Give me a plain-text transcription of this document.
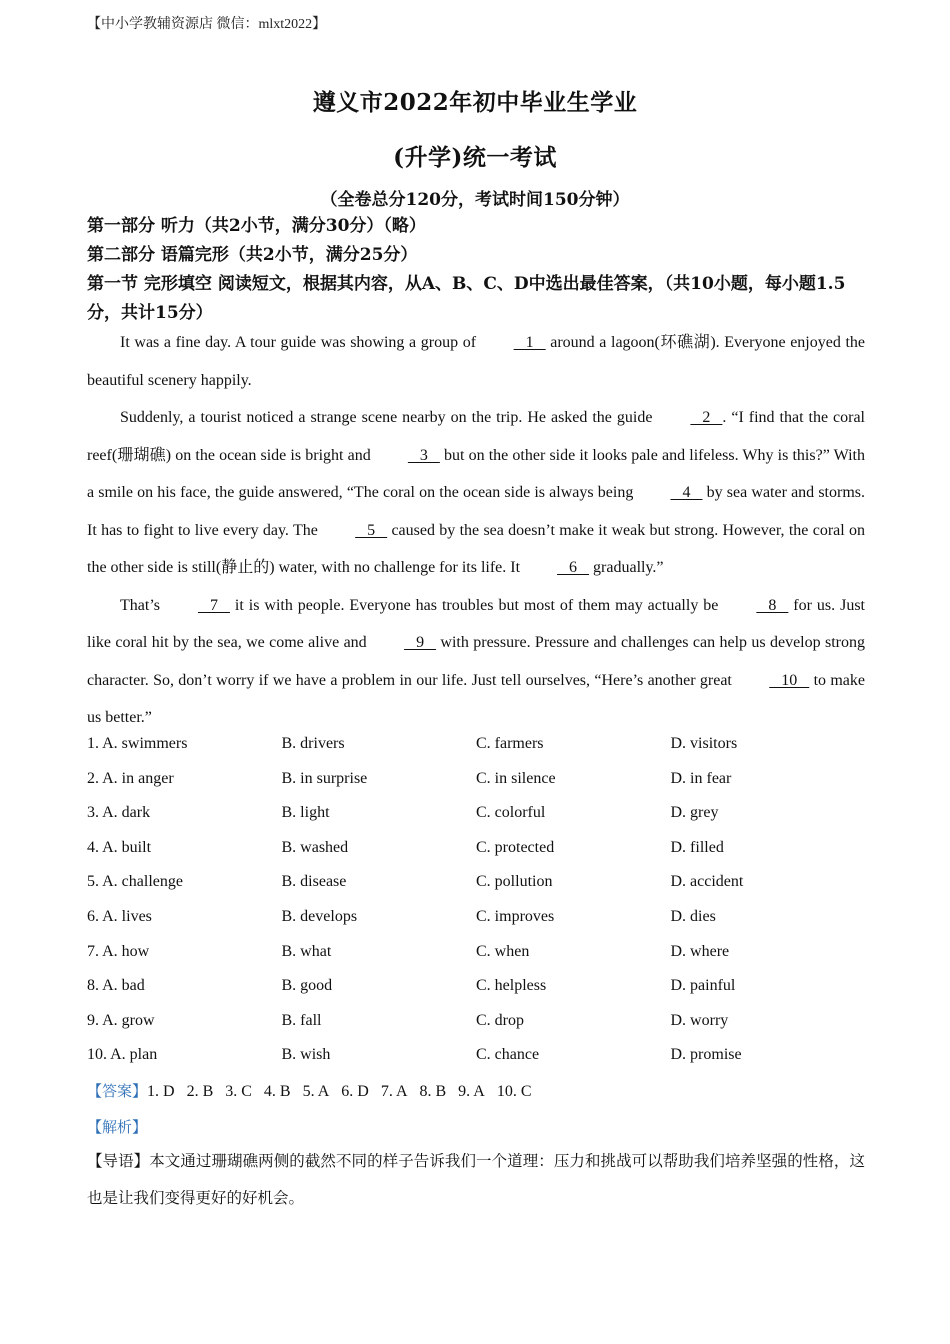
【中小学教辅资源店 微信：mlxt2022】
遵义市2022年初中毕业生学业
(升学)统一考试
（全卷总分120分，考试时间150分钟）
第一部分 听力（共2小节，满分30分）（略）
第二部分 语篇完形（共2小节，满分25分）
第一节 完形填空 阅读短文，根据其内容，从A、B、C、D中选出最佳答案，（共10小题，每小题1.5分，共计15分）

It was a fine day. A tour guide was showing a group of    1    around a lagoon(环礁湖). Everyone enjoyed the beautiful scenery happily.

Suddenly, a tourist noticed a strange scene nearby on the trip. He asked the guide    2   . “I find that the coral reef(珊瑚礁) on the ocean side is bright and    3    but on the other side it looks pale and lifeless. Why is this?” With a smile on his face, the guide answered, “The coral on the ocean side is always being    4    by sea water and storms. It has to fight to live every day. The    5    caused by the sea doesn’t make it weak but strong. However, the coral on the other side is still(静止的) water, with no challenge for its life. It    6    gradually.”

That’s    7    it is with people. Everyone has troubles but most of them may actually be    8    for us. Just like coral hit by the sea, we come alive and    9    with pressure. Pressure and challenges can help us develop strong character. So, don’t worry if we have a problem in our life. Just tell ourselves, “Here’s another great    10    to make us better.”

1. A. swimmers	B. drivers	C. farmers	D. visitors
2. A. in anger	B. in surprise	C. in silence	D. in fear
3. A. dark	B. light	C. colorful	D. grey
4. A. built	B. washed	C. protected	D. filled
5. A. challenge	B. disease	C. pollution	D. accident
6. A. lives	B. develops	C. improves	D. dies
7. A. how	B. what	C. when	D. where
8. A. bad	B. good	C. helpless	D. painful
9. A. grow	B. fall	C. drop	D. worry
10. A. plan	B. wish	C. chance	D. promise
【答案】1. D 2. B 3. C 4. B 5. A 6. D 7. A 8. B 9. A 10. C
【解析】
【导语】本文通过珊瑚礁两侧的截然不同的样子告诉我们一个道理：压力和挑战可以帮助我们培养坚强的性格，这也是让我们变得更好的好机会。
